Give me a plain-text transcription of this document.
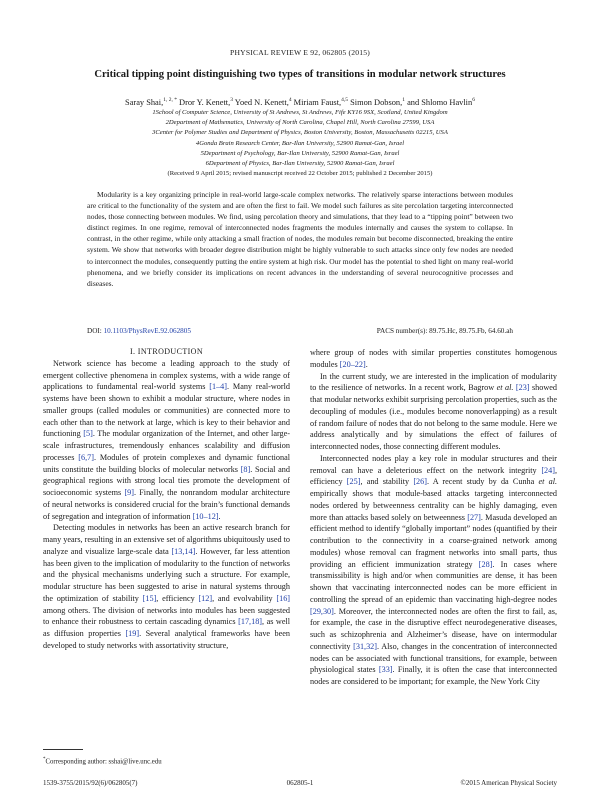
PHYSICAL REVIEW E 92, 062805 (2015)
Critical tipping point distinguishing two types of transitions in modular network structures
Saray Shai,$^{1, 2, *}$ Dror Y. Kenett,$^3$ Yoed N. Kenett,$^4$ Miriam Faust,$^{4,5}$ Simon Dobson,$^1$ and Shlomo Havlin$^6$
1School of Computer Science, University of St Andrews, St Andrews, Fife KY16 9SX, Scotland, United Kingdom
2Department of Mathematics, University of North Carolina, Chapel Hill, North Carolina 27599, USA
3Center for Polymer Studies and Department of Physics, Boston University, Boston, Massachusetts 02215, USA
4Gonda Brain Research Center, Bar-Ilan University, 52900 Ramat-Gan, Israel
5Department of Psychology, Bar-Ilan University, 52900 Ramat-Gan, Israel
6Department of Physics, Bar-Ilan University, 52900 Ramat-Gan, Israel
(Received 9 April 2015; revised manuscript received 22 October 2015; published 2 December 2015)

Modularity is a key organizing principle in real-world large-scale complex networks. The relatively sparse interactions between modules are critical to the functionality of the system and are often the first to fail. We model such failures as site percolation targeting interconnected nodes, those connecting between modules. We find, using percolation theory and simulations, that they lead to a “tipping point” between two distinct regimes. In one regime, removal of interconnected nodes fragments the modules internally and causes the system to collapse. In contrast, in the other regime, while only attacking a small fraction of nodes, the modules remain but become disconnected, breaking the entire system. We show that networks with broader degree distribution might be highly vulnerable to such attacks since only few nodes are needed to interconnect the modules, consequently putting the entire system at high risk. Our model has the potential to shed light on many real-world phenomena, and we briefly consider its implications on recent advances in the understanding of several neurocognitive processes and diseases.

DOI: 10.1103/PhysRevE.92.062805	PACS number(s): 89.75.Hc, 89.75.Fb, 64.60.ah

I. INTRODUCTION

Network science has become a leading approach to the study of emergent collective phenomena in complex systems, with a wide range of applications to fundamental real-world systems [1–4]. Many real-world systems have been shown to exhibit a modular structure, where nodes in smaller groups (called modules or communities) are connected more to each other than to the network at large, which is key to their behavior and functioning [5]. The modular organization of the Internet, and other large-scale infrastructures, tremendously enhances scalability and diffusion processes [6,7]. Modules of protein complexes and dynamic functional units constitute the building blocks of molecular networks [8]. Social and geographical regions with strong local ties promote the development of socioeconomic systems [9]. Finally, the nonrandom modular architecture of neural networks is considered crucial for the brain’s functional demands of segregation and integration of information [10–12].

Detecting modules in networks has been an active research branch for many years, resulting in an extensive set of algorithms ubiquitously used to analyze and visualize large-scale data [13,14]. However, far less attention has been given to the implication of modularity to the function of networks and the physical mechanisms underlying such a structure. For example, modular structure has been suggested to arise in natural systems through the optimization of stability [15], efficiency [12], and evolvability [16] among others. The division of networks into modules has been suggested to enhance their robustness to certain cascading dynamics [17,18], as well as diffusion properties [19]. Several analytical frameworks have been developed to study networks with assortativity structure,

where group of nodes with similar properties constitutes homogenous modules [20–22].

In the current study, we are interested in the implication of modularity to the resilience of networks. In a recent work, Bagrow et al. [23] showed that modular networks exhibit surprising percolation properties, such as the decoupling of modules (i.e., modules become nonoverlapping) as a result of random failure of nodes that do not belong to the same module. Here we address analytically and by simulations the effect of failures of interconnected nodes, those connecting different modules.

Interconnected nodes play a key role in modular structures and their removal can have a deleterious effect on the network integrity [24], efficiency [25], and stability [26]. A recent study by da Cunha et al. empirically shows that module-based attacks targeting interconnected nodes ordered by betweenness centrality can be highly damaging, even more than attacks based solely on betweenness [27]. Masuda developed an efficient method to identify “globally important” nodes (quantified by their contribution to the connectivity in a coarse-grained network among modules) whose removal can fragment networks into small parts, thus providing an efficient immunization strategy [28]. In cases where transmissibility is high and/or when communities are dense, it has been shown that vaccinating interconnected nodes can be more efficient in controlling the spread of an epidemic than vaccinating high-degree nodes [29,30]. Moreover, the interconnected nodes are often the first to fail, as, for example, the case in the disruptive effect neurodegenerative diseases, such as schizophrenia and Alzheimer’s disease, have on intermodular connectivity [31,32]. Also, changes in the concentration of interconnected nodes can be associated with functional transitions, for example, between physiological states [33]. Finally, it is often the case that interconnected nodes are considered to be important; for example, the New York City

*Corresponding author: sshai@live.unc.edu
1539-3755/2015/92(6)/062805(7)	062805-1	©2015 American Physical Society
